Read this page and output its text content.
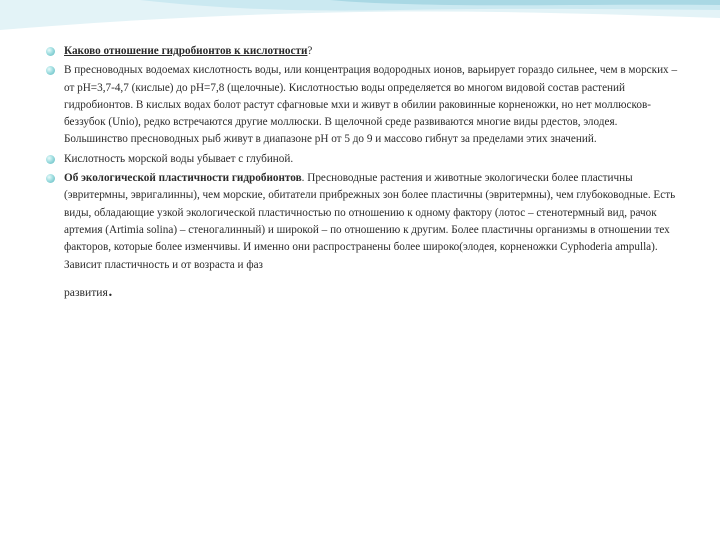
Каково отношение гидробионтов к кислотности?
В пресноводных водоемах кислотность воды, или концентрация водородных ионов, варьирует гораздо сильнее, чем в морских – от рН=3,7-4,7 (кислые) до рН=7,8 (щелочные). Кислотностью воды определяется во многом видовой состав растений гидробионтов. В кислых водах болот растут сфагновые мхи и живут в обилии раковинные корненожки, но нет моллюсков-беззубок (Unio), редко встречаются другие моллюски. В щелочной среде развиваются многие виды рдестов, элодея. Большинство пресноводных рыб живут в диапазоне рН от 5 до 9 и массово гибнут за пределами этих значений.
Кислотность морской воды убывает с глубиной.
Об экологической пластичности гидробионтов. Пресноводные растения и животные экологически более пластичны (эвритермны, эвригалинны), чем морские, обитатели прибрежных зон более пластичны (эвритермны), чем глубоководные. Есть виды, обладающие узкой экологической пластичностью по отношению к одному фактору (лотос – стенотермный вид, рачок артемия (Artimia solina) – стеногалинный) и широкой – по отношению к другим. Более пластичны организмы в отношении тех факторов, которые более изменчивы. И именно они распространены более широко(элодея, корненожки Cyphoderia ampulla). Зависит пластичность и от возраста и фаз
развития.
